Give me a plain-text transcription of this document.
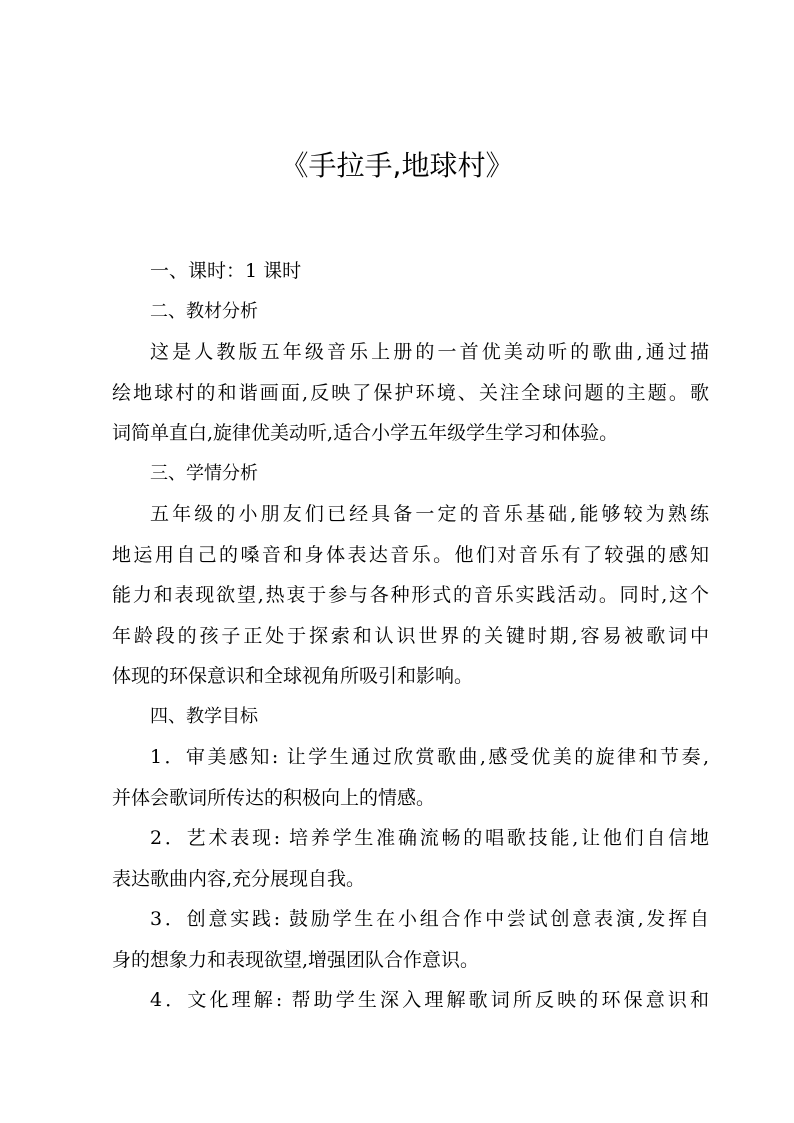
《手拉手,地球村》
一、课时：1 课时
二、教材分析
这是人教版五年级音乐上册的一首优美动听的歌曲,通过描
绘地球村的和谐画面,反映了保护环境、关注全球问题的主题。歌
词简单直白,旋律优美动听,适合小学五年级学生学习和体验。
三、学情分析
五年级的小朋友们已经具备一定的音乐基础,能够较为熟练
地运用自己的嗓音和身体表达音乐。他们对音乐有了较强的感知
能力和表现欲望,热衷于参与各种形式的音乐实践活动。同时,这个
年龄段的孩子正处于探索和认识世界的关键时期,容易被歌词中
体现的环保意识和全球视角所吸引和影响。
四、教学目标
1．审美感知: 让学生通过欣赏歌曲,感受优美的旋律和节奏,
并体会歌词所传达的积极向上的情感。
2．艺术表现: 培养学生准确流畅的唱歌技能,让他们自信地
表达歌曲内容,充分展现自我。
3．创意实践: 鼓励学生在小组合作中尝试创意表演,发挥自
身的想象力和表现欲望,增强团队合作意识。
4．文化理解: 帮助学生深入理解歌词所反映的环保意识和
